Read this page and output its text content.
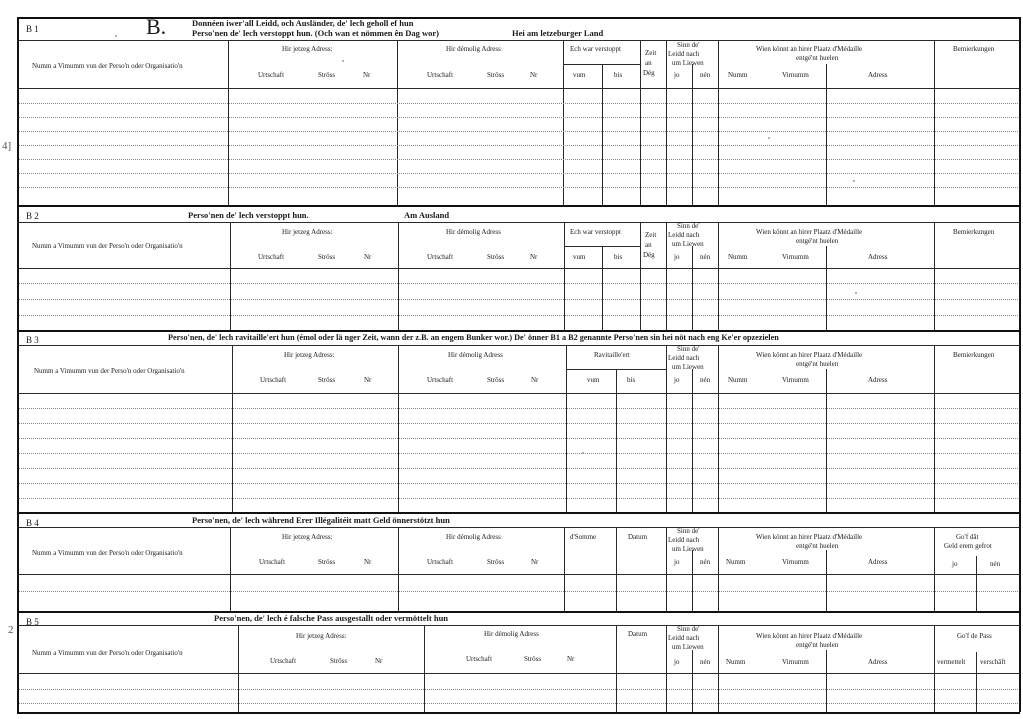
4]
2
B 1	B.	Donnéen iwer'all Leidd, och Ausländer, de' lech geholl ef hun
Perso'nen de' lech verstoppt hun. (Och wan et nömmen ên Dag wor)	Hei am letzeburger Land
Numm a Vimumm vun der Perso'n oder Organisatio'n
Hir jetzeg Adress:
Urtschaft	Ströss	Nr
Hir démolig Adress
Urtschaft	Ströss	Nr
Ech war verstoppt
vum	bis
Zeit
an
Dég
Sinn de'
Leidd nach
um Liewen
jo	nén
Wien könnt an hirer Plaatz d'Médaille
entgé'nt huelen
Numm	Virnumm	Adress
Bemierkungen
B 2	Perso'nen de' lech verstoppt hun.	Am Ausland
Numm a Vimumm vun der Perso'n oder Organisatio'n
Hir jetzeg Adress:
Urtschaft	Ströss	Nr
Hir démolig Adress
Urtschaft	Ströss	Nr
Ech war verstoppt
vum	bis
Zeit
an
Dég
Sinn de'
Leidd nach
um Liewen
jo	nén
Wien könnt an hirer Plaatz d'Médaille
entgé'nt huelen
Numm	Virnumm	Adress
Bemierkungen
B 3	Perso'nen, de' lech ravitaille'ert hun (émol oder lä nger Zeit, wann der z.B. an engem Bunker wor.) De' önner B1 a B2 genannte Perso'nen sin hei nöt nach eng Ke'er opzezielen
Numm a Vimumm vun der Perso'n oder Organisatio'n
Hir jetzeg Adress:
Urtschaft	Ströss	Nr
Hir démolig Adress
Urtschaft	Ströss	Nr
Ravitaille'ert
vum	bis
Sinn de'
Leidd nach
um Liewen
jo	nén
Wien könnt an hirer Plaatz d'Médaille
entgé'nt huelen
Numm	Virnumm	Adress
Bemierkungen
B 4	Perso'nen, de' lech während Erer Illégalitéit matt Geld önnerstötzt hun
Numm a Vimumm vun der Perso'n oder Organisatio'n
Hir jetzeg Adress:
Urtschaft	Ströss	Nr
Hir démolig Adress
Urtschaft	Ströss	Nr
d'Somme	Datum
Sinn de'
Leidd nach
um Liewen
jo	nén
Wien könnt an hirer Plaatz d'Médaille
entgé'nt huelen
Numm	Virnumm	Adress
Go'f dât
Geld erem gefrot
jo	nén
B 5	Perso'nen, de' lech é falsche Pass ausgestallt oder vermöttelt hun
Numm a Vimumm vun der Perso'n oder Organisatio'n
Hir jetzeg Adress:
Urtschaft	Ströss	Nr
Hir démolig Adress
Urtschaft	Ströss	Nr
Datum
Sinn de'
Leidd nach
um Liewen
jo	nén
Wien könnt an hirer Plaatz d'Médaille
entgé'nt huelen
Numm	Virnumm	Adress
Go'f de Pass
vermettelt verschâft
